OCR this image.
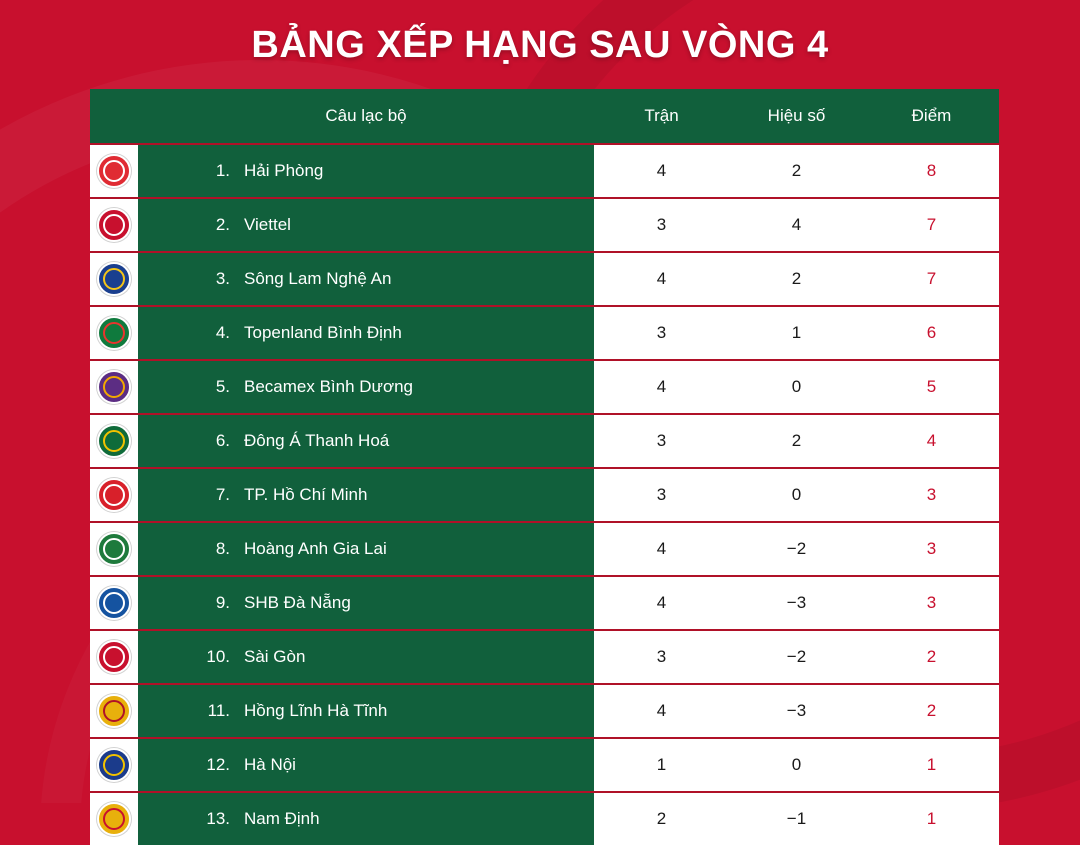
BẢNG XẾP HẠNG SAU VÒNG 4
	Câu lạc bộ	Trận	Hiệu số	Điểm

	1. Hải Phòng	4	2	8

	2. Viettel	3	4	7

	3. Sông Lam Nghệ An	4	2	7

	4. Topenland Bình Định	3	1	6

	5. Becamex Bình Dương	4	0	5

	6. Đông Á Thanh Hoá	3	2	4

	7. TP. Hồ Chí Minh	3	0	3

	8. Hoàng Anh Gia Lai	4	−2	3

	9. SHB Đà Nẵng	4	−3	3

	10. Sài Gòn	3	−2	2

	11. Hồng Lĩnh Hà Tĩnh	4	−3	2

	12. Hà Nội	1	0	1

	13. Nam Định	2	−1	1
